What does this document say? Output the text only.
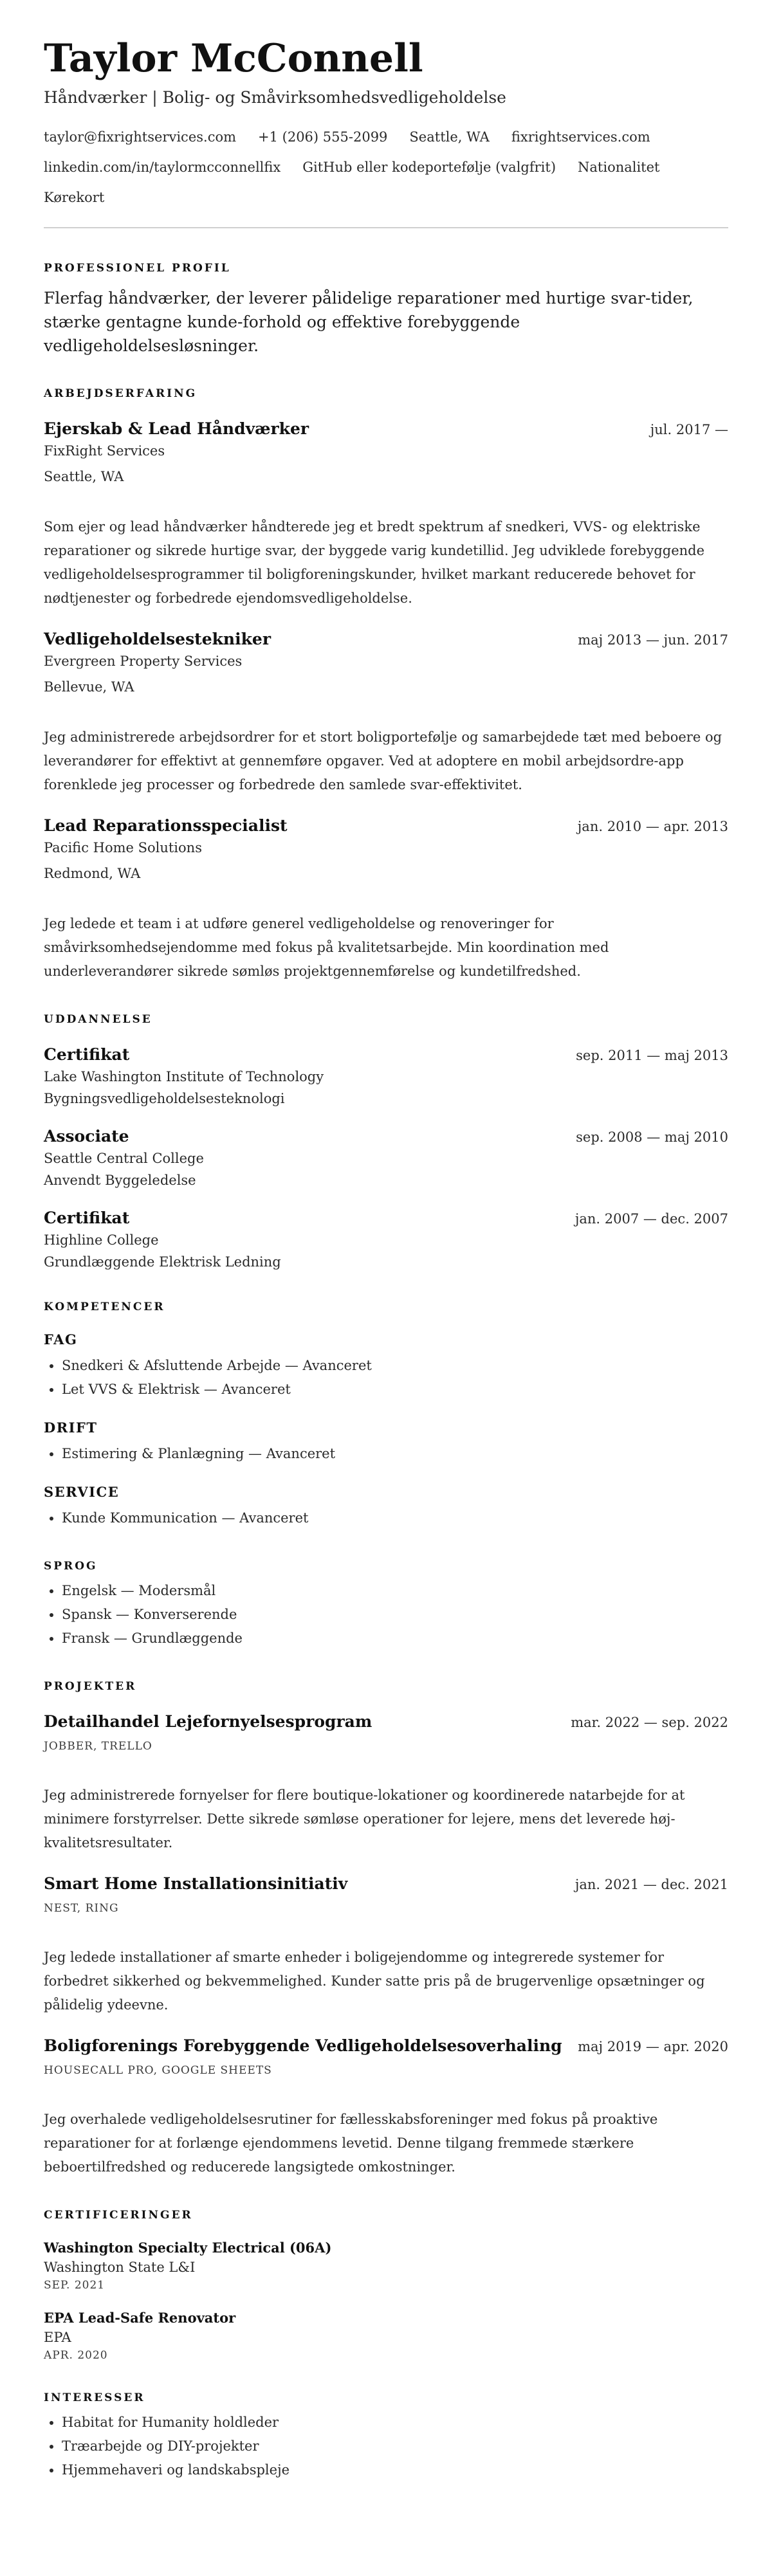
Taylor McConnell
Håndværker | Bolig- og Småvirksomhedsvedligeholdelse
taylor@fixrightservices.com +1 (206) 555-2099 Seattle, WA fixrightservices.com
linkedin.com/in/taylormcconnellfix GitHub eller kodeportefølje (valgfrit) Nationalitet
Kørekort
PROFESSIONEL PROFIL

Flerfag håndværker, der leverer pålidelige reparationer med hurtige svar-tider, stærke gentagne kunde-forhold og effektive forebyggende vedligeholdelsesløsninger.

ARBEJDSERFARING
Ejerskab & Lead Håndværker	jul. 2017 —
FixRight Services
Seattle, WA
Som ejer og lead håndværker håndterede jeg et bredt spektrum af snedkeri, VVS- og elektriske reparationer og sikrede hurtige svar, der byggede varig kundetillid. Jeg udviklede forebyggende vedligeholdelsesprogrammer til boligforeningskunder, hvilket markant reducerede behovet for nødtjenester og forbedrede ejendomsvedligeholdelse.
Vedligeholdelsestekniker	maj 2013 — jun. 2017
Evergreen Property Services
Bellevue, WA
Jeg administrerede arbejdsordrer for et stort boligportefølje og samarbejdede tæt med beboere og leverandører for effektivt at gennemføre opgaver. Ved at adoptere en mobil arbejdsordre-app forenklede jeg processer og forbedrede den samlede svar-effektivitet.
Lead Reparationsspecialist	jan. 2010 — apr. 2013
Pacific Home Solutions
Redmond, WA
Jeg ledede et team i at udføre generel vedligeholdelse og renoveringer for småvirksomhedsejendomme med fokus på kvalitetsarbejde. Min koordination med underleverandører sikrede sømløs projektgennemførelse og kundetilfredshed.
UDDANNELSE
Certifikat	sep. 2011 — maj 2013
Lake Washington Institute of Technology
Bygningsvedligeholdelsesteknologi
Associate	sep. 2008 — maj 2010
Seattle Central College
Anvendt Byggeledelse
Certifikat	jan. 2007 — dec. 2007
Highline College
Grundlæggende Elektrisk Ledning
KOMPETENCER
FAG
• Snedkeri & Afsluttende Arbejde — Avanceret
• Let VVS & Elektrisk — Avanceret
DRIFT
• Estimering & Planlægning — Avanceret
SERVICE
• Kunde Kommunication — Avanceret
SPROG
• Engelsk — Modersmål
• Spansk — Konverserende
• Fransk — Grundlæggende
PROJEKTER
Detailhandel Lejefornyelsesprogram	mar. 2022 — sep. 2022
JOBBER, TRELLO
Jeg administrerede fornyelser for flere boutique-lokationer og koordinerede natarbejde for at minimere forstyrrelser. Dette sikrede sømløse operationer for lejere, mens det leverede høj-kvalitetsresultater.
Smart Home Installationsinitiativ	jan. 2021 — dec. 2021
NEST, RING
Jeg ledede installationer af smarte enheder i boligejendomme og integrerede systemer for forbedret sikkerhed og bekvemmelighed. Kunder satte pris på de brugervenlige opsætninger og pålidelig ydeevne.
Boligforenings Forebyggende Vedligeholdelsesoverhaling maj 2019 — apr. 2020
HOUSECALL PRO, GOOGLE SHEETS
Jeg overhalede vedligeholdelsesrutiner for fællesskabsforeninger med fokus på proaktive reparationer for at forlænge ejendommens levetid. Denne tilgang fremmede stærkere beboertilfredshed og reducerede langsigtede omkostninger.
CERTIFICERINGER
Washington Specialty Electrical (06A)
Washington State L&I
SEP. 2021
EPA Lead-Safe Renovator
EPA
APR. 2020
INTERESSER
• Habitat for Humanity holdleder
• Træarbejde og DIY-projekter
• Hjemmehaveri og landskabspleje
